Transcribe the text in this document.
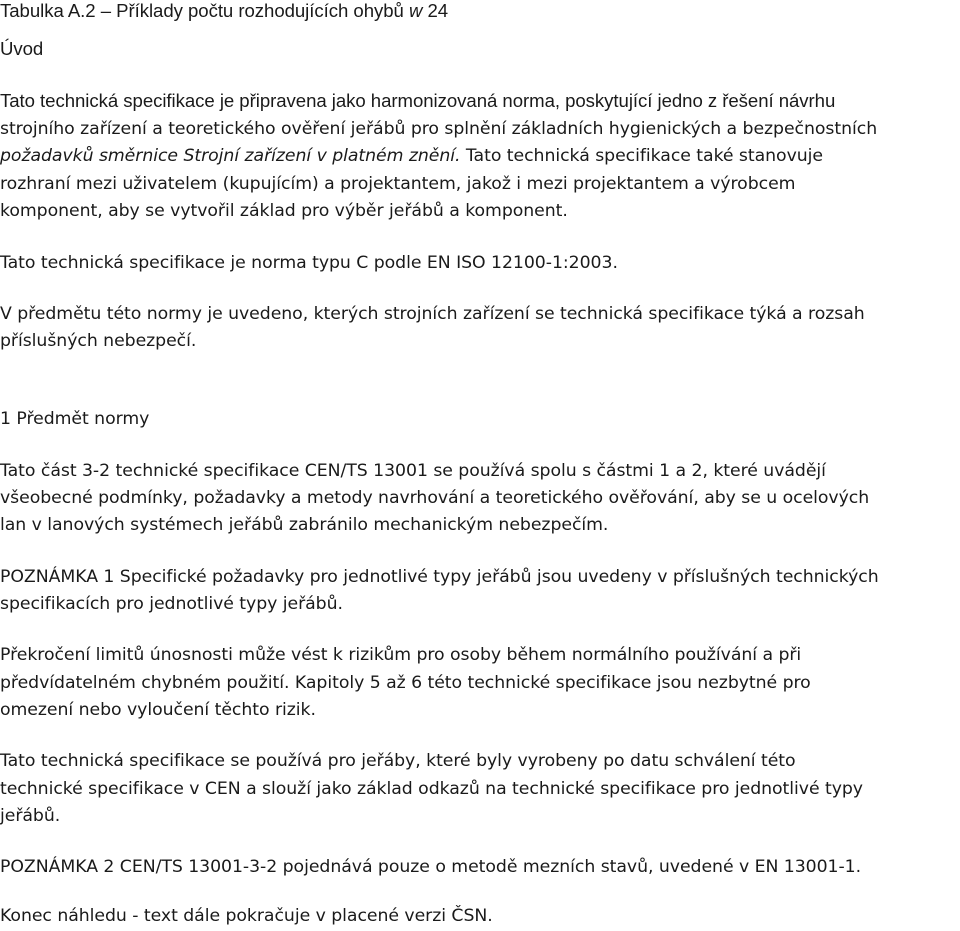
Tabulka A.2 – Příklady počtu rozhodujících ohybů w 24
Úvod
Tato technická specifikace je připravena jako harmonizovaná norma, poskytující jedno z řešení návrhu
strojního zařízení a teoretického ověření jeřábů pro splnění základních hygienických a bezpečnostních
požadavků směrnice Strojní zařízení v platném znění. Tato technická specifikace také stanovuje
rozhraní mezi uživatelem (kupujícím) a projektantem, jakož i mezi projektantem a výrobcem
komponent, aby se vytvořil základ pro výběr jeřábů a komponent.
Tato technická specifikace je norma typu C podle EN ISO 12100-1:2003.
V předmětu této normy je uvedeno, kterých strojních zařízení se technická specifikace týká a rozsah
příslušných nebezpečí.
1 Předmět normy
Tato část 3-2 technické specifikace CEN/TS 13001 se používá spolu s částmi 1 a 2, které uvádějí
všeobecné podmínky, požadavky a metody navrhování a teoretického ověřování, aby se u ocelových
lan v lanových systémech jeřábů zabránilo mechanickým nebezpečím.
POZNÁMKA 1 Specifické požadavky pro jednotlivé typy jeřábů jsou uvedeny v příslušných technických
specifikacích pro jednotlivé typy jeřábů.
Překročení limitů únosnosti může vést k rizikům pro osoby během normálního používání a při
předvídatelném chybném použití. Kapitoly 5 až 6 této technické specifikace jsou nezbytné pro
omezení nebo vyloučení těchto rizik.
Tato technická specifikace se používá pro jeřáby, které byly vyrobeny po datu schválení této
technické specifikace v CEN a slouží jako základ odkazů na technické specifikace pro jednotlivé typy
jeřábů.
POZNÁMKA 2 CEN/TS 13001-3-2 pojednává pouze o metodě mezních stavů, uvedené v EN 13001-1.
Konec náhledu - text dále pokračuje v placené verzi ČSN.
